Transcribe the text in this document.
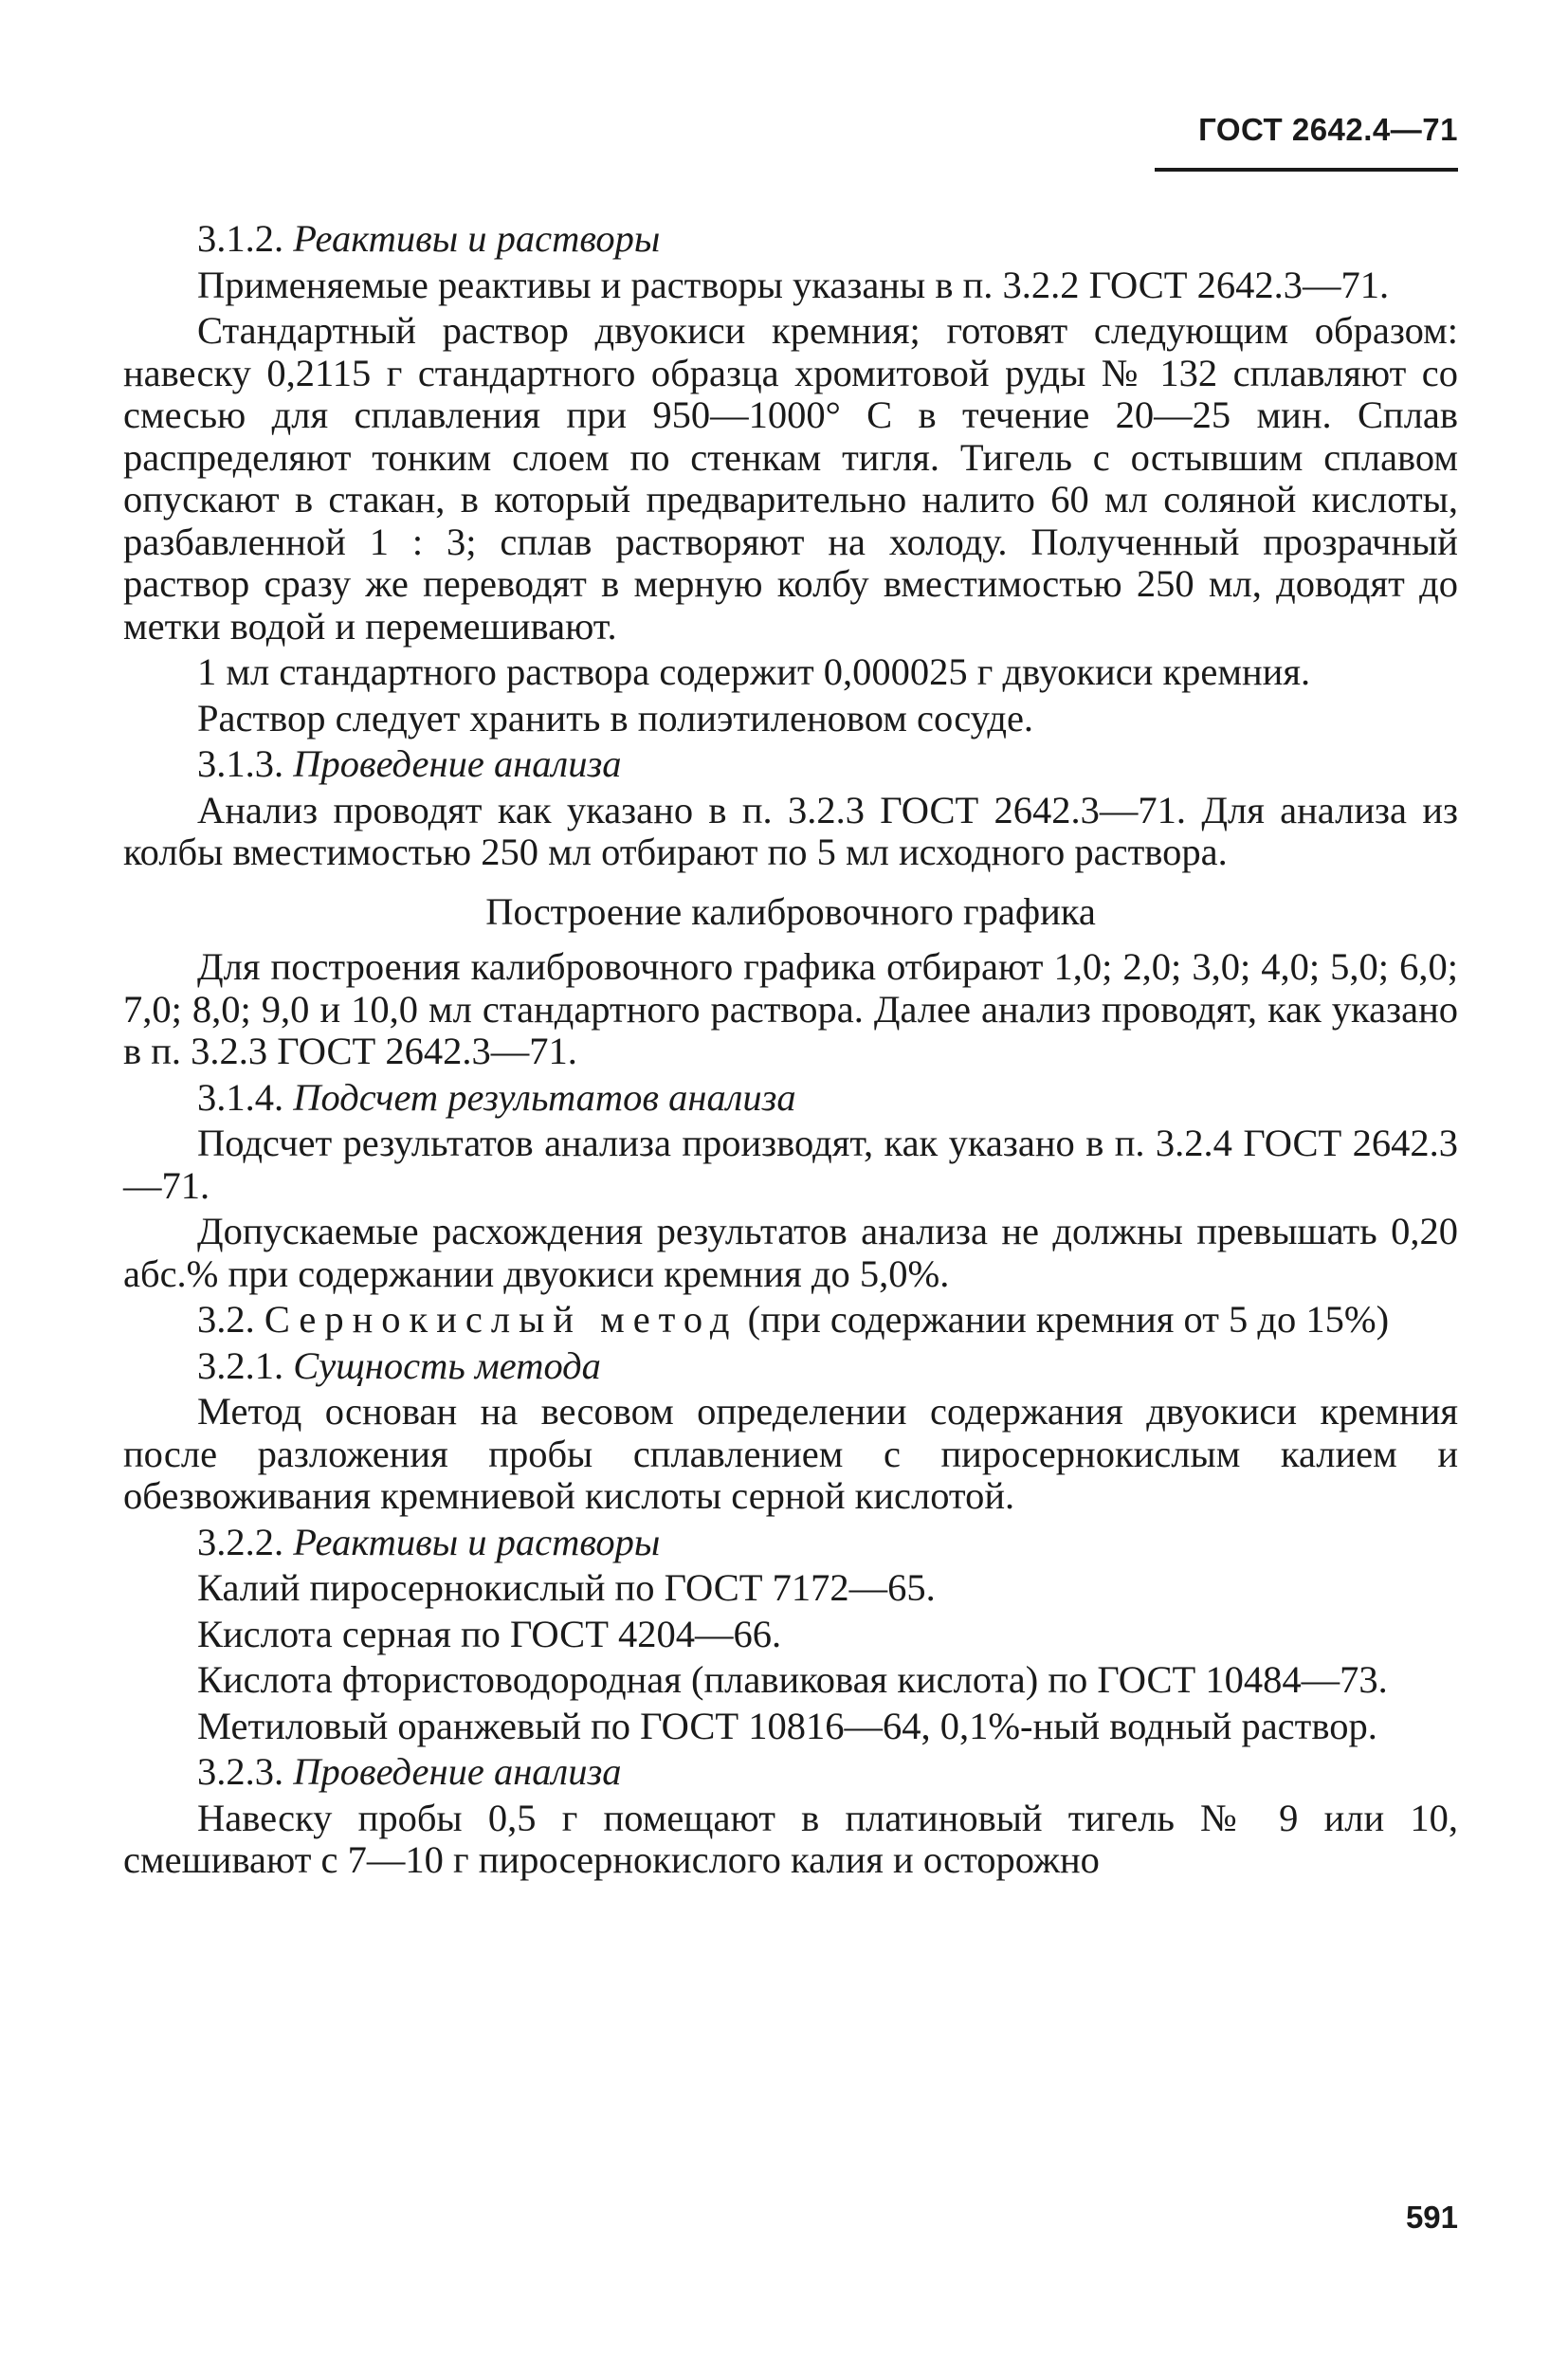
ГОСТ 2642.4—71

3.1.2. Реактивы и растворы

Применяемые реактивы и растворы указаны в п. 3.2.2 ГОСТ 2642.3—71.

Стандартный раствор двуокиси кремния; готовят следующим образом: навеску 0,2115 г стандартного образца хромитовой руды № 132 сплавляют со смесью для сплавления при 950—1000° С в течение 20—25 мин. Сплав распределяют тонким слоем по стенкам тигля. Тигель с остывшим сплавом опускают в стакан, в который предварительно налито 60 мл соляной кислоты, разбавленной 1 : 3; сплав растворяют на холоду. Полученный прозрачный раствор сразу же переводят в мерную колбу вместимостью 250 мл, доводят до метки водой и перемешивают.

1 мл стандартного раствора содержит 0,000025 г двуокиси кремния.

Раствор следует хранить в полиэтиленовом сосуде.

3.1.3. Проведение анализа

Анализ проводят как указано в п. 3.2.3 ГОСТ 2642.3—71. Для анализа из колбы вместимостью 250 мл отбирают по 5 мл исходного раствора.

Построение калибровочного графика

Для построения калибровочного графика отбирают 1,0; 2,0; 3,0; 4,0; 5,0; 6,0; 7,0; 8,0; 9,0 и 10,0 мл стандартного раствора. Далее анализ проводят, как указано в п. 3.2.3 ГОСТ 2642.3—71.

3.1.4. Подсчет результатов анализа

Подсчет результатов анализа производят, как указано в п. 3.2.4 ГОСТ 2642.3—71.

Допускаемые расхождения результатов анализа не должны превышать 0,20 абс.% при содержании двуокиси кремния до 5,0%.

3.2. Сернокислый метод (при содержании кремния от 5 до 15%)

3.2.1. Сущность метода

Метод основан на весовом определении содержания двуокиси кремния после разложения пробы сплавлением с пиросернокислым калием и обезвоживания кремниевой кислоты серной кислотой.

3.2.2. Реактивы и растворы

Калий пиросернокислый по ГОСТ 7172—65.

Кислота серная по ГОСТ 4204—66.

Кислота фтористоводородная (плавиковая кислота) по ГОСТ 10484—73.

Метиловый оранжевый по ГОСТ 10816—64, 0,1%-ный водный раствор.

3.2.3. Проведение анализа

Навеску пробы 0,5 г помещают в платиновый тигель № 9 или 10, смешивают с 7—10 г пиросернокислого калия и осторожно

591
